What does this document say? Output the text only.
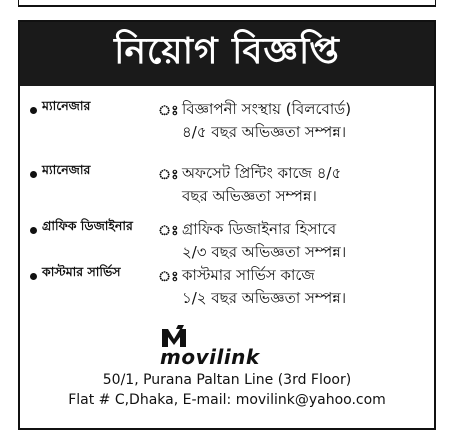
নিয়োগ বিজ্ঞপ্তি
ম্যানেজার	ঃ বিজ্ঞাপনী সংস্থায় (বিলবোর্ড)
৪/৫ বছর অভিজ্ঞতা সম্পন্ন।
ম্যানেজার	ঃ অফসেট প্রিন্টিং কাজে ৪/৫
বছর অভিজ্ঞতা সম্পন্ন।
গ্রাফিক ডিজাইনার ঃ গ্রাফিক ডিজাইনার হিসাবে
২/৩ বছর অভিজ্ঞতা সম্পন্ন।
কাস্টমার সার্ভিস	ঃ কাস্টমার সার্ভিস কাজে
১/২ বছর অভিজ্ঞতা সম্পন্ন।
movilink
50/1, Purana Paltan Line (3rd Floor)
Flat # C,Dhaka, E-mail: movilink@yahoo.com
